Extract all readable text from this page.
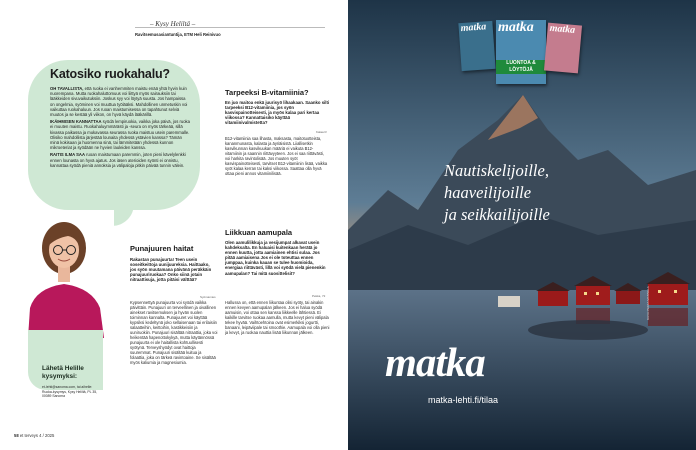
– Kysy Heliltä –
Ravitsemusasiantuntija, ETM Heli Reinivuo
Katosiko ruokahalu?

OH TAVALLISTA, että ruoka ei vanhemmiten maistu enää yhtä hyvin kuin nuorempana. Mutta ruokahaluttomuus voi liittyä myös sairauksiin tai lääkkeiden sivuvaikutuksiin. Joskus syy voi löytyä suusta. Jos hampaissa on ongelmia, syöminen voi muuttua työlääksi. Mahdollinen unmetuskin voi vaikuttaa ruokahaluun. Jos ruoan maistumisessa on tapahtunut selviä muutos ja se kestää yli viikon, on hyvä käydä lääkärillä.

IKÄIHMISEN KANNATTAA syödä lempiruokia, vaikka joka päivä, jos ruoka ei muuten maistu. Ruokahaluymmärästi ja -seura on myös tärkeää, sillä kivassa paikassa ja mukavassa seurassa ruoka maistuu usein paremmalle. Olisiko mahdollista järjestää lounaita yhdessä ystävien kanssa? Tämän minä kokisaan ja huomenna sinä, tai lämmitetään yhdessä kunnon mikroeteriat ja syödään ne hyvien lauleiden kanssa.

RAITIS ILMA SAA ruoan maistumaan paremmin, joten pieni kävelylenkki ennen lounasta on hyvä ajatus. Jos iäsen aterioiden syönti ei onnistu, kannattaa syödä pieniä annoksia ja välipaloja pitkin päivää tunnin välein.

Lähetä Helille kysymyksi:
et-lehti@sanoma.com, tai aihelle: Ruoka-kysymys, Kysy Heliltä, PL 35, 00089 Sanoma
58 et terveys 4 / 2025
Punajuuren haitat
Rakastan punajuurta! Teen usein soseitkeittoja uunijuureksia. Haittaako, jos syön muutamana päivänä peräkkäin punajuuriruokaa? Onko siinä jotain nitraattisuja, jotta pitäisi välttää?
Syömamies
Kypsennettyä punajuurta voi syödä vaikka päivittäin. Punajuuri on terveellinen ja oivallinen ainekset ravitsemuksen ja hyvän suolen toiminnan kannalta. Punajuuret voi käyttää kypsiksi kedeltynä joko sellaisenaan tai erilaisiin salaatteihin, keittoihin, kastikkeisiin ja uuniruokiin. Punajuuri sisältää nitraattia, joka voi heikentää hapenottokykyä, mutta käytännössä punajuurta ei ole haitallista kohtuullisesti syötynä. Terveyshyödyt ovat haittoja suuremmat. Punajuuri sisältää kuitua ja folaattia, joka on tärkeä ravintoaine. Se sisältää myös kaliumia ja magnesiumia.
Tarpeeksi B-vitamiinia?
En juo maitoa enkä juurisyö lihaakaan. Saanko silti tarpeeksi B12-vitamiinia, jos syön kasvispainotteisesti, ja myös kalaa pari kertaa viikossa? Kannattaisiko käyttää vitamiinivalmistetta?
Kalaa R
B12-vitamiinia saa lihasta, maksasta, maitotuotteista, kananmunasta, kalasta ja äyriäisistä. Liiallisetkin kasvikunnan kasvikuukan määriä ei vaikuta B12-vitamiinin ja saannin riittävyyteen. Jos ei saa riittävästi, voi harkita ravintolisää. Jos muuten syöt kasvispainotteisesti, tarvitset B12-vitamiinin lisää, vaikka syöt kalaa kerran tai kaksi viikossa. Saattaa olla hyvä ottaa pieni annos vitamiinilisää.
Liikkuan aamupala
Olen aamulilikkuja ja vesijumpat alkavat usein kahdeksalta. En haluaisi kuitenkaan herätä jo ennen kuutta, jotta aamiainen ehtisi sulaa. Jos pitää aamiaisena Jos ei ole toteuttaa ennen jumppaa, kuinka kauan se tulee huomioida, energiaa riittävästi, lillä voi syödä vielä pienenkin aamupalan? Tai mitä suosittelisit?
Pekka, 72
Hallussa on, että ennen liikuntaa olisi syöty, tai ainakin ennen kevyen aamupalan jälkeen. Jos ei halua syödä aamuisin, voi ottaa sen kanssa liikkeelle lähtiessä. Ei kaikille tarvitse ruokaa aamulla, mutta kevyt pieni välipala tekee hyvää. Vaihtoehtoina ovat esimerkiksi jogurtti, banaani, leipäviipale tai smoothie. Aamupala voi olla pieni ja kevyt, ja ruokaa nauttia lisää liikunnan jälkeen.
matka matka
LUONTOA & LÖYTÖJÄ
matka
Nautiskelijoille,
haaveilijoille
ja seikkailijoille
matka
matka-lehti.fi/tilaa
KUVA PEKKA MANNELA
